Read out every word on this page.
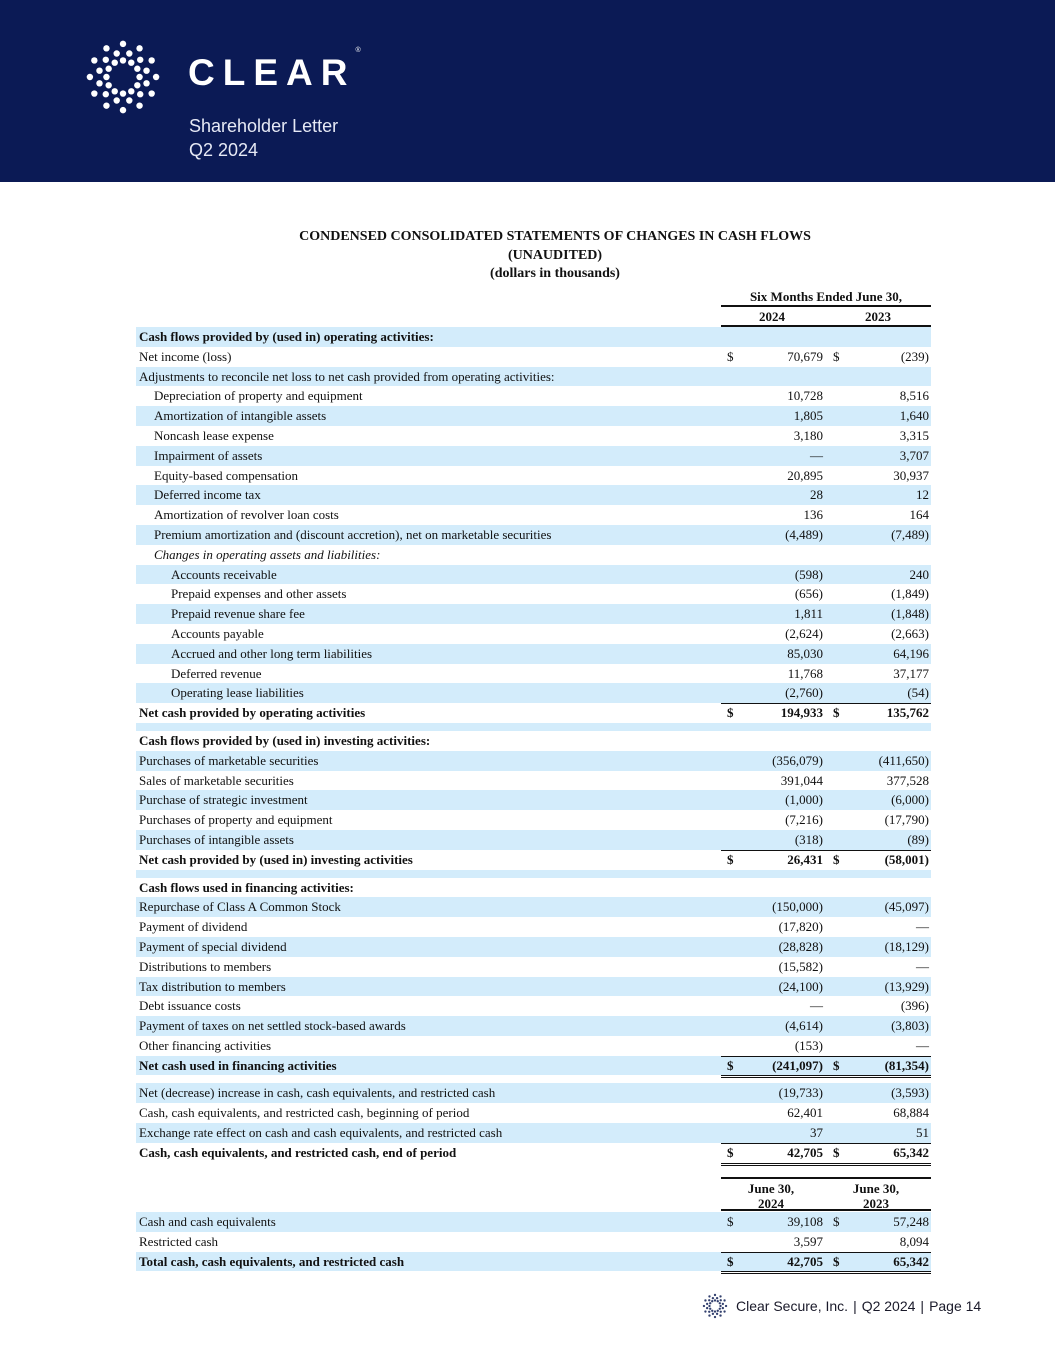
CLEAR®
Shareholder Letter
Q2 2024
CONDENSED CONSOLIDATED STATEMENTS OF CHANGES IN CASH FLOWS
(UNAUDITED)
(dollars in thousands)
Six Months Ended June 30,
2024	2023
Cash flows provided by (used in) operating activities:
Net income (loss)	$	70,679 $	(239)
Adjustments to reconcile net loss to net cash provided from operating activities:
Depreciation of property and equipment	10,728	8,516
Amortization of intangible assets	1,805	1,640
Noncash lease expense	3,180	3,315
Impairment of assets	—	3,707
Equity-based compensation	20,895	30,937
Deferred income tax	28	12
Amortization of revolver loan costs	136	164
Premium amortization and (discount accretion), net on marketable securities	(4,489)	(7,489)
Changes in operating assets and liabilities:
Accounts receivable	(598)	240
Prepaid expenses and other assets	(656)	(1,849)
Prepaid revenue share fee	1,811	(1,848)
Accounts payable	(2,624)	(2,663)
Accrued and other long term liabilities	85,030	64,196
Deferred revenue	11,768	37,177
Operating lease liabilities	(2,760)	(54)
Net cash provided by operating activities	$	194,933 $	135,762
Cash flows provided by (used in) investing activities:
Purchases of marketable securities	(356,079)	(411,650)
Sales of marketable securities	391,044	377,528
Purchase of strategic investment	(1,000)	(6,000)
Purchases of property and equipment	(7,216)	(17,790)
Purchases of intangible assets	(318)	(89)
Net cash provided by (used in) investing activities	$	26,431 $	(58,001)
Cash flows used in financing activities:
Repurchase of Class A Common Stock	(150,000)	(45,097)
Payment of dividend	(17,820)	—
Payment of special dividend	(28,828)	(18,129)
Distributions to members	(15,582)	—
Tax distribution to members	(24,100)	(13,929)
Debt issuance costs	—	(396)
Payment of taxes on net settled stock-based awards	(4,614)	(3,803)
Other financing activities	(153)	—
Net cash used in financing activities	$	(241,097) $	(81,354)
Net (decrease) increase in cash, cash equivalents, and restricted cash	(19,733)	(3,593)
Cash, cash equivalents, and restricted cash, beginning of period	62,401	68,884
Exchange rate effect on cash and cash equivalents, and restricted cash	37	51
Cash, cash equivalents, and restricted cash, end of period	$	42,705 $	65,342
June 30,
2024
June 30,
2023
Cash and cash equivalents	$	39,108 $	57,248
Restricted cash	3,597	8,094
Total cash, cash equivalents, and restricted cash	$	42,705 $	65,342
Clear Secure, Inc. | Q2 2024 | Page 14
